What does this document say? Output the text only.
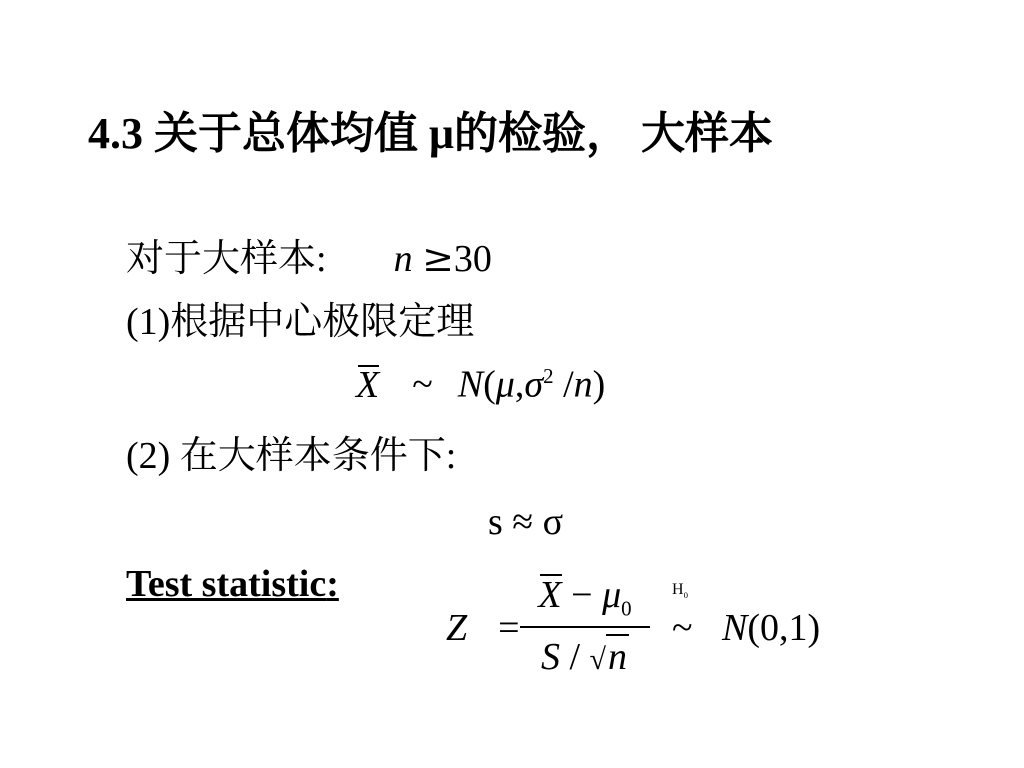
4.3 关于总体均值 μ的检验， 大样本
对于大样本: n ≥30
(1)根据中心极限定理
X ~ $N(\mu,\sigma^2$ /n)
(2) 在大样本条件下:
s ≈ σ
Test statistic:
Z =
$X - \mu_0$
S / √n
$H_0$
~ N(0,1)
